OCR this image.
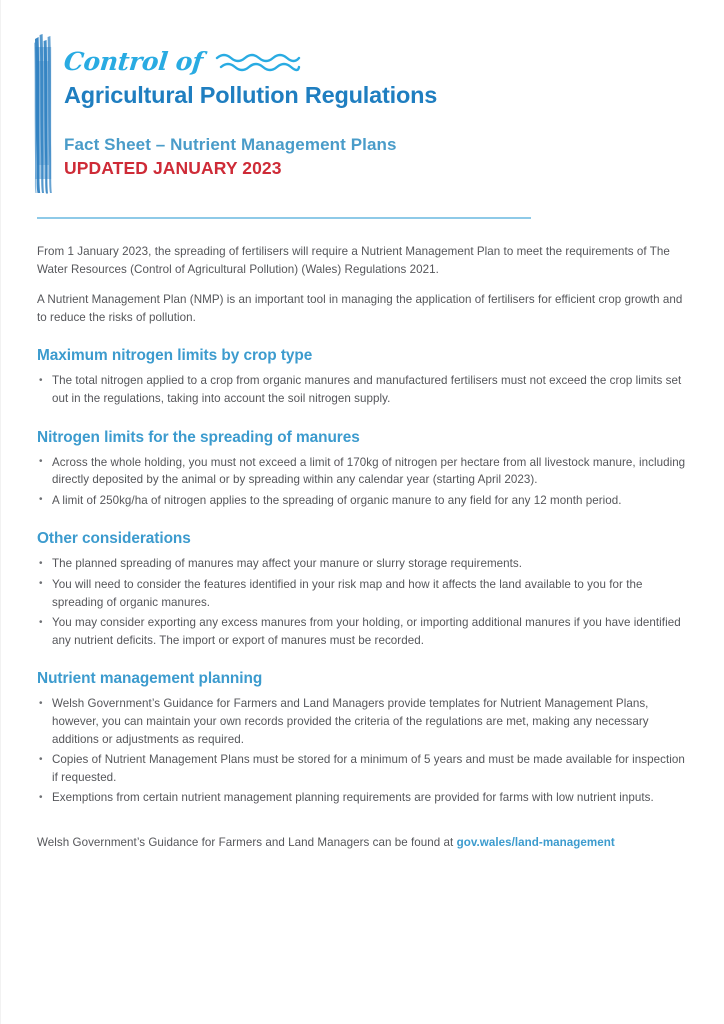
Control of
Agricultural Pollution Regulations
Fact Sheet – Nutrient Management Plans
UPDATED JANUARY 2023

From 1 January 2023, the spreading of fertilisers will require a Nutrient Management Plan to meet the requirements of The Water Resources (Control of Agricultural Pollution) (Wales) Regulations 2021.

A Nutrient Management Plan (NMP) is an important tool in managing the application of fertilisers for efficient crop growth and to reduce the risks of pollution.

Maximum nitrogen limits by crop type
• The total nitrogen applied to a crop from organic manures and manufactured fertilisers must not exceed the crop limits set out in the regulations, taking into account the soil nitrogen supply.
Nitrogen limits for the spreading of manures
• Across the whole holding, you must not exceed a limit of 170kg of nitrogen per hectare from all livestock manure, including directly deposited by the animal or by spreading within any calendar year (starting April 2023).
• A limit of 250kg/ha of nitrogen applies to the spreading of organic manure to any field for any 12 month period.
Other considerations
• The planned spreading of manures may affect your manure or slurry storage requirements.
• You will need to consider the features identified in your risk map and how it affects the land available to you for the spreading of organic manures.
• You may consider exporting any excess manures from your holding, or importing additional manures if you have identified any nutrient deficits. The import or export of manures must be recorded.
Nutrient management planning
• Welsh Government’s Guidance for Farmers and Land Managers provide templates for Nutrient Management Plans, however, you can maintain your own records provided the criteria of the regulations are met, making any necessary additions or adjustments as required.
• Copies of Nutrient Management Plans must be stored for a minimum of 5 years and must be made available for inspection if requested.
• Exemptions from certain nutrient management planning requirements are provided for farms with low nutrient inputs.
Welsh Government’s Guidance for Farmers and Land Managers can be found at gov.wales/land-management
